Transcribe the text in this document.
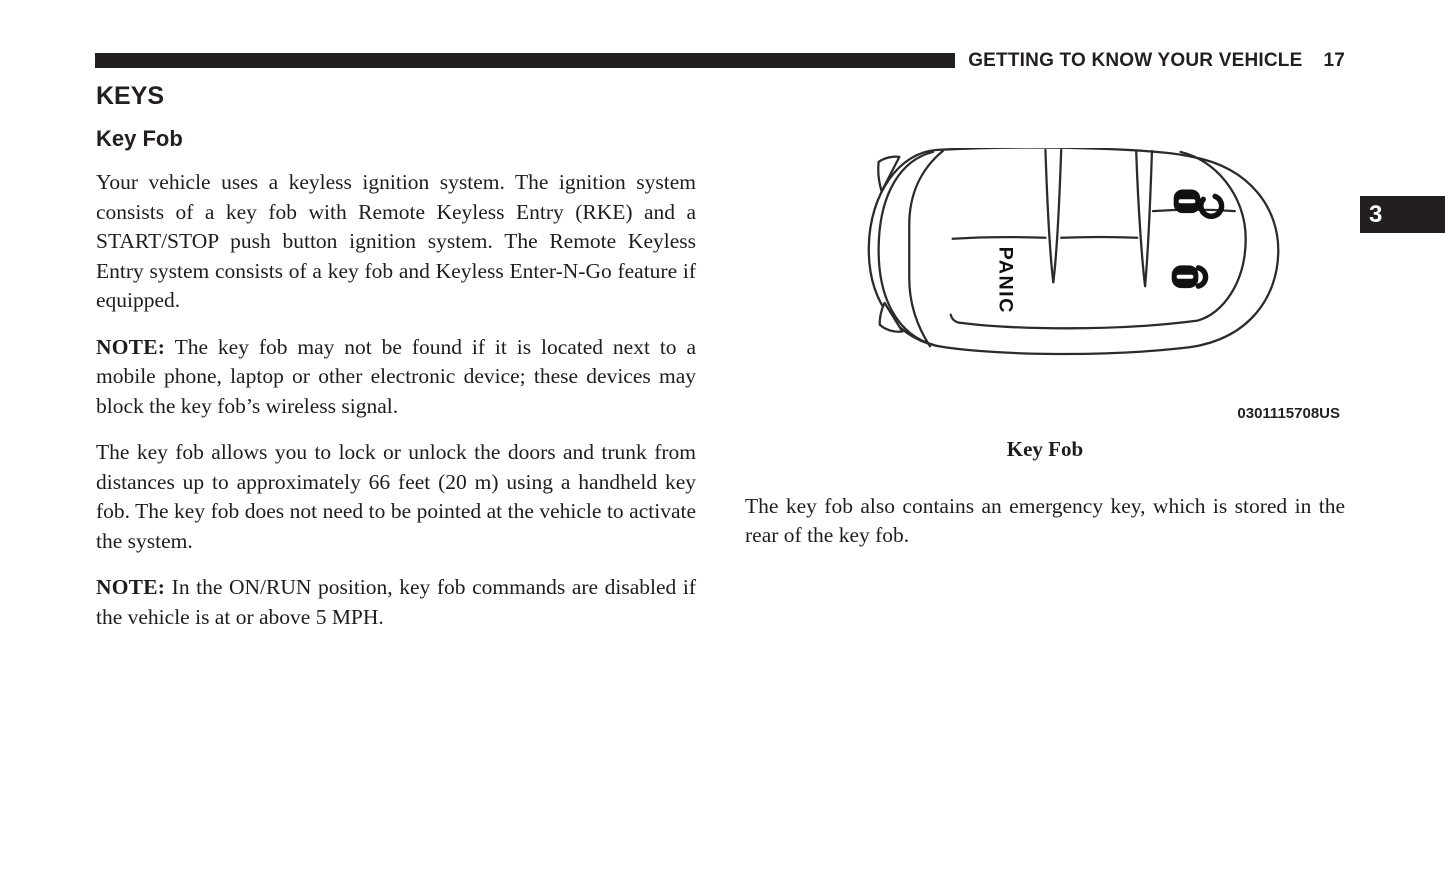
GETTING TO KNOW YOUR VEHICLE 17
3
KEYS
Key Fob

Your vehicle uses a keyless ignition system. The ignition system consists of a key fob with Remote Keyless Entry (RKE) and a START/STOP push button ignition system. The Remote Keyless Entry system consists of a key fob and Keyless Enter-N-Go feature if equipped.

NOTE: The key fob may not be found if it is located next to a mobile phone, laptop or other electronic device; these devices may block the key fob’s wireless signal.

The key fob allows you to lock or unlock the doors and trunk from distances up to approximately 66 feet (20 m) using a handheld key fob. The key fob does not need to be pointed at the vehicle to activate the system.

NOTE: In the ON/RUN position, key fob commands are disabled if the vehicle is at or above 5 MPH.

PANIC
0301115708US
Key Fob

The key fob also contains an emergency key, which is stored in the rear of the key fob.
